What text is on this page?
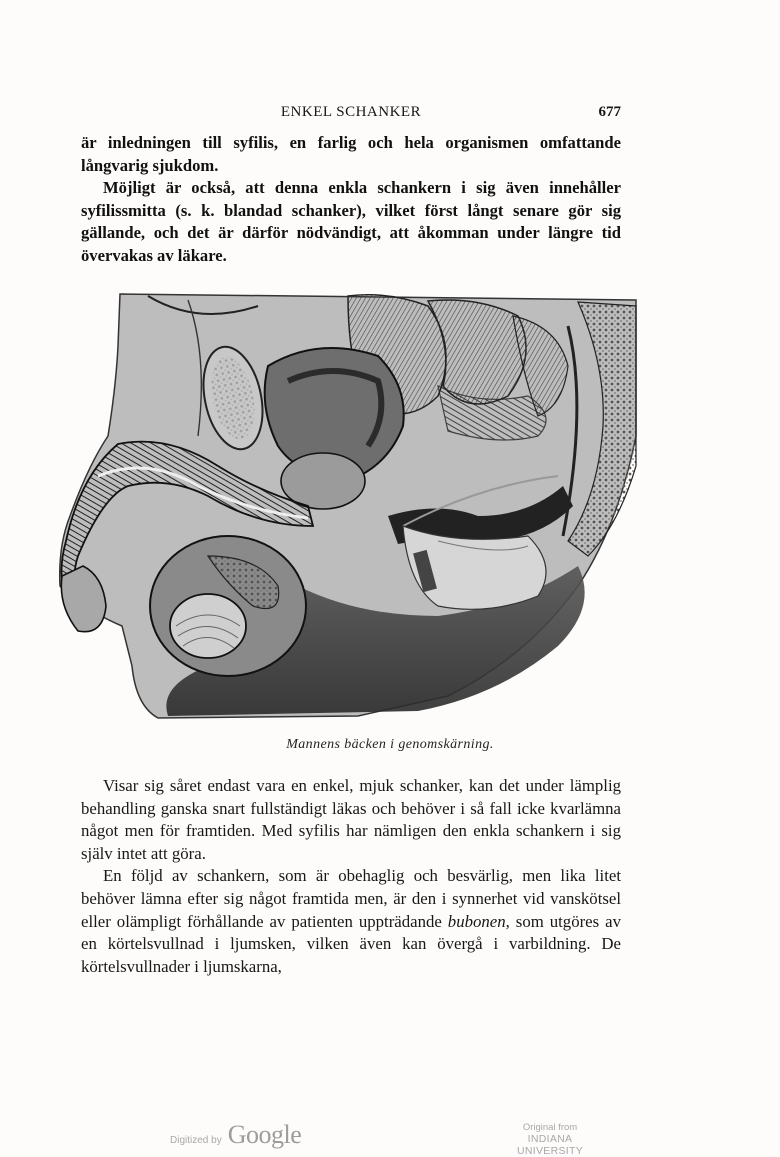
ENKEL SCHANKER	677

är inledningen till syfilis, en farlig och hela organismen omfattande långvarig sjukdom.

Möjligt är också, att denna enkla schankern i sig även innehåller syfilissmitta (s. k. blandad schanker), vilket först långt senare gör sig gällande, och det är därför nödvändigt, att åkomman under längre tid övervakas av läkare.

Mannens bäcken i genomskärning.

Visar sig såret endast vara en enkel, mjuk schanker, kan det under lämplig behandling ganska snart fullständigt läkas och behöver i så fall icke kvarlämna något men för framtiden. Med syfilis har nämligen den enkla schankern i sig själv intet att göra.

En följd av schankern, som är obehaglig och besvärlig, men lika litet behöver lämna efter sig något framtida men, är den i synnerhet vid vanskötsel eller olämpligt förhållande av patienten uppträdande bubonen, som utgöres av en körtelsvullnad i ljumsken, vilken även kan övergå i varbildning. De körtelsvullnader i ljumskarna,

Digitized by Google	Original from
INDIANA UNIVERSITY
